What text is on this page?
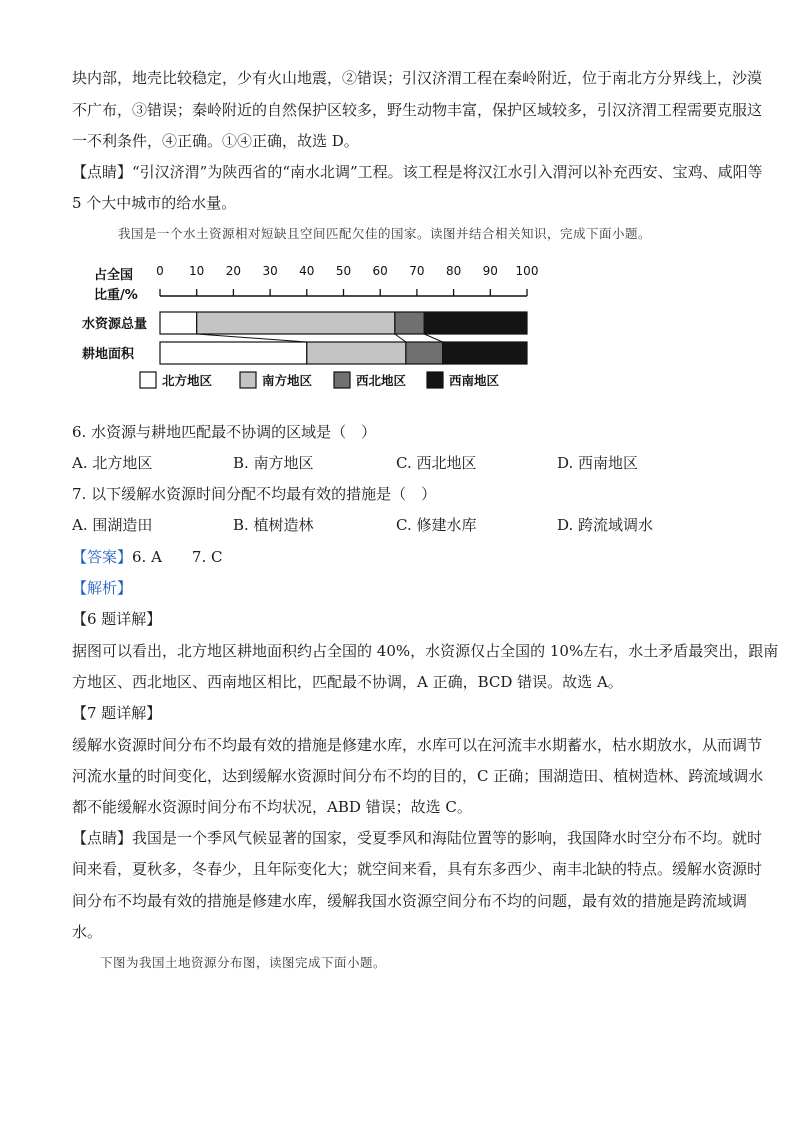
块内部，地壳比较稳定，少有火山地震，②错误；引汉济渭工程在秦岭附近，位于南北方分界线上，沙漠
不广布，③错误；秦岭附近的自然保护区较多，野生动物丰富，保护区域较多，引汉济渭工程需要克服这
一不利条件，④正确。①④正确，故选 D。
【点睛】“引汉济渭”为陕西省的“南水北调”工程。该工程是将汉江水引入渭河以补充西安、宝鸡、咸阳等
5 个大中城市的给水量。
我国是一个水土资源相对短缺且空间匹配欠佳的国家。读图并结合相关知识，完成下面小题。
占全国
比重/%
0 10 20 30 40 50 60 70 80 90 100
水资源总量
耕地面积
北方地区	南方地区	西北地区	西南地区
6. 水资源与耕地匹配最不协调的区域是（　）
A. 北方地区	B. 南方地区	C. 西北地区	D. 西南地区
7. 以下缓解水资源时间分配不均最有效的措施是（　）
A. 围湖造田	B. 植树造林	C. 修建水库	D. 跨流域调水
【答案】6. A　　7. C
【解析】
【6 题详解】
据图可以看出，北方地区耕地面积约占全国的 40%，水资源仅占全国的 10%左右，水土矛盾最突出，跟南
方地区、西北地区、西南地区相比，匹配最不协调，A 正确，BCD 错误。故选 A。
【7 题详解】
缓解水资源时间分布不均最有效的措施是修建水库，水库可以在河流丰水期蓄水，枯水期放水，从而调节
河流水量的时间变化，达到缓解水资源时间分布不均的目的，C 正确；围湖造田、植树造林、跨流域调水
都不能缓解水资源时间分布不均状况，ABD 错误；故选 C。
【点睛】我国是一个季风气候显著的国家，受夏季风和海陆位置等的影响，我国降水时空分布不均。就时
间来看，夏秋多，冬春少，且年际变化大；就空间来看，具有东多西少、南丰北缺的特点。缓解水资源时
间分布不均最有效的措施是修建水库，缓解我国水资源空间分布不均的问题，最有效的措施是跨流域调
水。
下图为我国土地资源分布图，读图完成下面小题。
